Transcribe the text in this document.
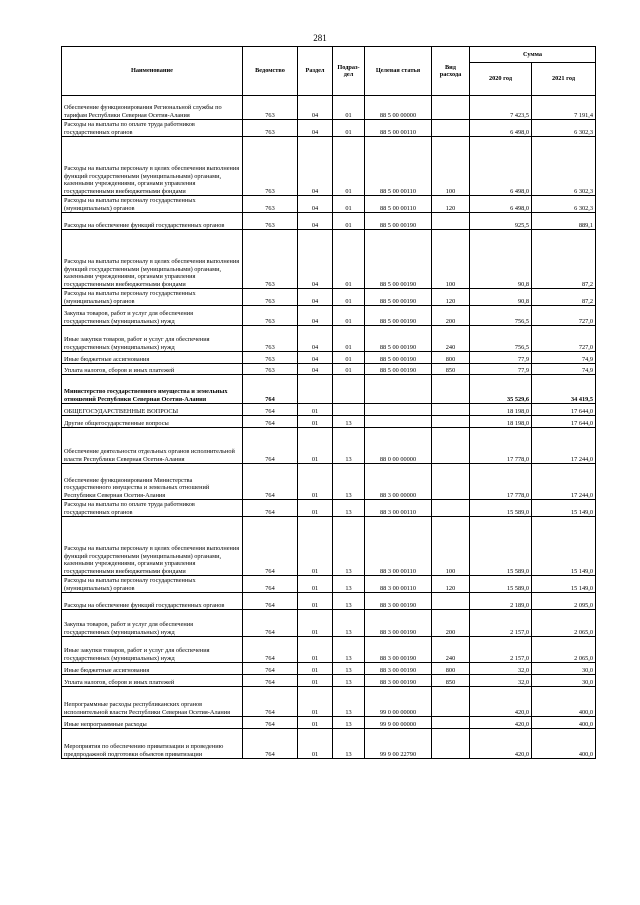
281
Наименование	Ведомство	Раздел	Подраз-дел	Целевая статья	Вид расхода	Сумма	
						2020 год	2021 год
Обеспечение функционирования Региональной службы по тарифам Республики Северная Осетия-Алания	763	04	01	88 5 00 00000		7 423,5	7 191,4
Расходы на выплаты по оплате труда работников государственных органов	763	04	01	88 5 00 00110		6 498,0	6 302,3
Расходы на выплаты персоналу в целях обеспечения выполнения функций государственными (муниципальными) органами, казенными учреждениями, органами управления государственными внебюджетными фондами	763	04	01	88 5 00 00110	100	6 498,0	6 302,3
Расходы на выплаты персоналу государственных (муниципальных) органов	763	04	01	88 5 00 00110	120	6 498,0	6 302,3
Расходы на обеспечение функций государственных органов	763	04	01	88 5 00 00190		925,5	889,1
Расходы на выплаты персоналу в целях обеспечения выполнения функций государственными (муниципальными) органами, казенными учреждениями, органами управления государственными внебюджетными фондами	763	04	01	88 5 00 00190	100	90,8	87,2
Расходы на выплаты персоналу государственных (муниципальных) органов	763	04	01	88 5 00 00190	120	90,8	87,2
Закупка товаров, работ и услуг для обеспечения государственных (муниципальных) нужд	763	04	01	88 5 00 00190	200	756,5	727,0
Иные закупки товаров, работ и услуг для обеспечения государственных (муниципальных) нужд	763	04	01	88 5 00 00190	240	756,5	727,0
Иные бюджетные ассигнования	763	04	01	88 5 00 00190	800	77,9	74,9
Уплата налогов, сборов и иных платежей	763	04	01	88 5 00 00190	850	77,9	74,9
Министерство государственного имущества и земельных отношений Республики Северная Осетия-Алания	764					35 529,6	34 419,5
ОБЩЕГОСУДАРСТВЕННЫЕ ВОПРОСЫ	764	01				18 198,0	17 644,0
Другие общегосударственные вопросы	764	01	13			18 198,0	17 644,0
Обеспечение деятельности отдельных органов исполнительной власти Республики Северная Осетия-Алания	764	01	13	88 0 00 00000		17 778,0	17 244,0
Обеспечение функционирования Министерства государственного имущества и земельных отношений Республики Северная Осетия-Алания	764	01	13	88 3 00 00000		17 778,0	17 244,0
Расходы на выплаты по оплате труда работников государственных органов	764	01	13	88 3 00 00110		15 589,0	15 149,0
Расходы на выплаты персоналу в целях обеспечения выполнения функций государственными (муниципальными) органами, казенными учреждениями, органами управления государственными внебюджетными фондами	764	01	13	88 3 00 00110	100	15 589,0	15 149,0
Расходы на выплаты персоналу государственных (муниципальных) органов	764	01	13	88 3 00 00110	120	15 589,0	15 149,0
Расходы на обеспечение функций государственных органов	764	01	13	88 3 00 00190		2 189,0	2 095,0
Закупка товаров, работ и услуг для обеспечения государственных (муниципальных) нужд	764	01	13	88 3 00 00190	200	2 157,0	2 065,0
Иные закупки товаров, работ и услуг для обеспечения государственных (муниципальных) нужд	764	01	13	88 3 00 00190	240	2 157,0	2 065,0
Иные бюджетные ассигнования	764	01	13	88 3 00 00190	800	32,0	30,0
Уплата налогов, сборов и иных платежей	764	01	13	88 3 00 00190	850	32,0	30,0
Непрограммные расходы республиканских органов исполнительной власти Республики Северная Осетия-Алания	764	01	13	99 0 00 00000		420,0	400,0
Иные непрограммные расходы	764	01	13	99 9 00 00000		420,0	400,0
Мероприятия по обеспечению приватизации и проведению предпродажной подготовки объектов приватизации	764	01	13	99 9 00 22790		420,0	400,0
